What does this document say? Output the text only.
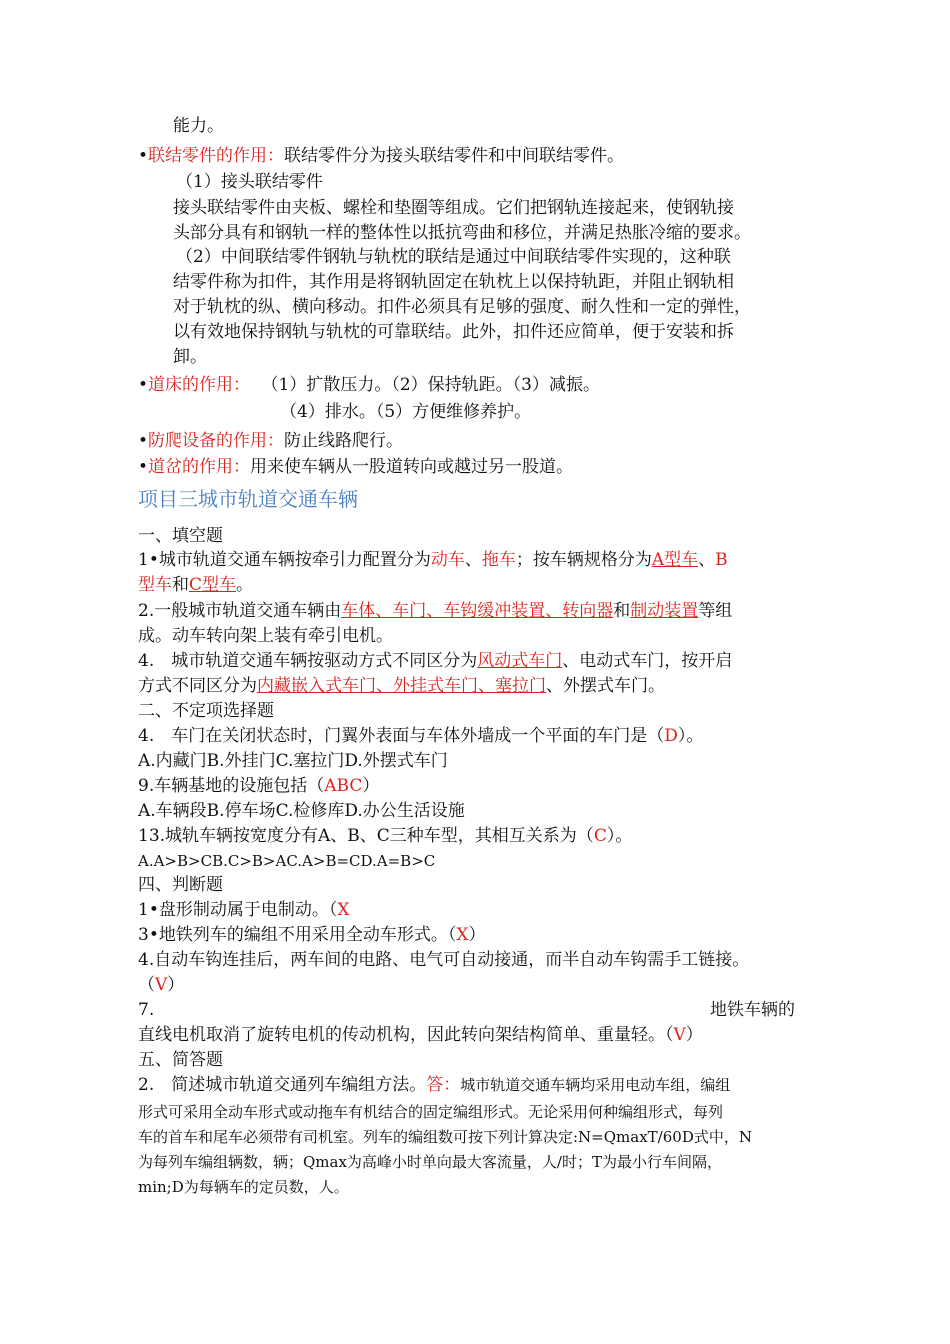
能力。
•联结零件的作用：联结零件分为接头联结零件和中间联结零件。
（1）接头联结零件
接头联结零件由夹板、螺栓和垫圈等组成。它们把钢轨连接起来，使钢轨接
头部分具有和钢轨一样的整体性以抵抗弯曲和移位，并满足热胀冷缩的要求。
（2）中间联结零件钢轨与轨枕的联结是通过中间联结零件实现的，这种联
结零件称为扣件，其作用是将钢轨固定在轨枕上以保持轨距，并阻止钢轨相
对于轨枕的纵、横向移动。扣件必须具有足够的强度、耐久性和一定的弹性，
以有效地保持钢轨与轨枕的可靠联结。此外，扣件还应简单，便于安装和拆
卸。
•道床的作用： （1）扩散压力。（2）保持轨距。（3）减振。
（4）排水。（5）方便维修养护。
•防爬设备的作用：防止线路爬行。
•道岔的作用：用来使车辆从一股道转向或越过另一股道。
项目三城市轨道交通车辆
一、填空题
1•城市轨道交通车辆按牵引力配置分为动车、拖车；按车辆规格分为A型车、B
型车和C型车。
2.一般城市轨道交通车辆由车体、车门、车钩缓冲装置、转向器和制动装置等组
成。动车转向架上装有牵引电机。
4.　城市轨道交通车辆按驱动方式不同区分为风动式车门、电动式车门，按开启
方式不同区分为内藏嵌入式车门、外挂式车门、塞拉门、外摆式车门。
二、不定项选择题
4.　车门在关闭状态时，门翼外表面与车体外墙成一个平面的车门是（D）。
A.内藏门B.外挂门C.塞拉门D.外摆式车门
9.车辆基地的设施包括（ABC）
A.车辆段B.停车场C.检修库D.办公生活设施
13.城轨车辆按宽度分有A、B、C三种车型，其相互关系为（C）。
A.A>B>CB.C>B>AC.A>B=CD.A=B>C
四、判断题
1•盘形制动属于电制动。（X
3•地铁列车的编组不用采用全动车形式。（X）
4.自动车钩连挂后，两车间的电路、电气可自动接通，而半自动车钩需手工链接。
（V）
7.	地铁车辆的
直线电机取消了旋转电机的传动机构，因此转向架结构简单、重量轻。（V）
五、简答题
2.　简述城市轨道交通列车编组方法。答：城市轨道交通车辆均采用电动车组，编组
形式可采用全动车形式或动拖车有机结合的固定编组形式。无论采用何种编组形式，每列
车的首车和尾车必须带有司机室。列车的编组数可按下列计算决定:N=QmaxT/60D式中，N
为每列车编组辆数，辆；Qmax为高峰小时单向最大客流量，人/时；T为最小行车间隔，
min;D为每辆车的定员数，人。
